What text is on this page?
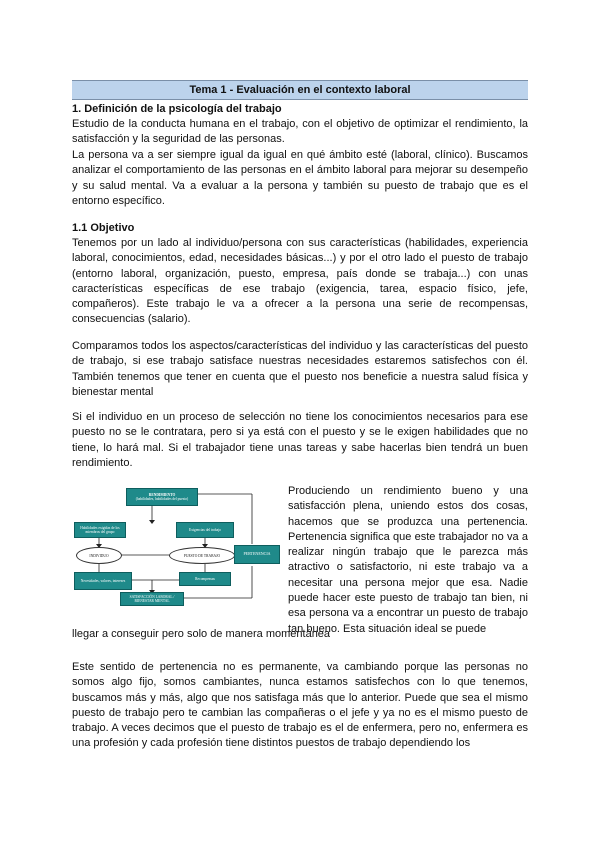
Tema 1 - Evaluación en el contexto laboral

1. Definición de la psicología del trabajo

Estudio de la conducta humana en el trabajo, con el objetivo de optimizar el rendimiento, la satisfacción y la seguridad de las personas.

La persona va a ser siempre igual da igual en qué ámbito esté (laboral, clínico). Buscamos analizar el comportamiento de las personas en el ámbito laboral para mejorar su desempeño y su salud mental. Va a evaluar a la persona y también su puesto de trabajo que es el entorno específico.

1.1 Objetivo

Tenemos por un lado al individuo/persona con sus características (habilidades, experiencia laboral, conocimientos, edad, necesidades básicas...) y por el otro lado el puesto de trabajo (entorno laboral, organización, puesto, empresa, país donde se trabaja...) con unas características específicas de ese trabajo (exigencia, tarea, espacio físico, jefe, compañeros). Este trabajo le va a ofrecer a la persona una serie de recompensas, consecuencias (salario).

Comparamos todos los aspectos/características del individuo y las características del puesto de trabajo, si ese trabajo satisface nuestras necesidades estaremos satisfechos con él. También tenemos que tener en cuenta que el puesto nos beneficie a nuestra salud física y bienestar mental

Si el individuo en un proceso de selección no tiene los conocimientos necesarios para ese puesto no se le contratara, pero si ya está con el puesto y se le exigen habilidades que no tiene, lo hará mal. Si el trabajador tiene unas tareas y sabe hacerlas bien tendrá un buen rendimiento.

RENDIMIENTO
(habilidades, habilidades del puesto)
Habilidades exigidas de los miembros del grupo
Exigencias del trabajo
INDIVIDUO	PUESTO DE TRABAJO	PERTENENCIA
Necesidades, valores, intereses	Recompensas
SATISFACCIÓN LABORAL / BIENESTAR MENTAL

Produciendo un rendimiento bueno y una satisfacción plena, uniendo estos dos cosas, hacemos que se produzca una pertenencia. Pertenencia significa que este trabajador no va a realizar ningún trabajo que le parezca más atractivo o satisfactorio, ni este trabajo va a necesitar una persona mejor que esa. Nadie puede hacer este puesto de trabajo tan bien, ni esa persona va a encontrar un puesto de trabajo tan bueno. Esta situación ideal se puede

llegar a conseguir pero solo de manera momentánea

Este sentido de pertenencia no es permanente, va cambiando porque las personas no somos algo fijo, somos cambiantes, nunca estamos satisfechos con lo que tenemos, buscamos más y más, algo que nos satisfaga más que lo anterior. Puede que sea el mismo puesto de trabajo pero te cambian las compañeras o el jefe y ya no es el mismo puesto de trabajo. A veces decimos que el puesto de trabajo es el de enfermera, pero no, enfermera es una profesión y cada profesión tiene distintos puestos de trabajo dependiendo los
